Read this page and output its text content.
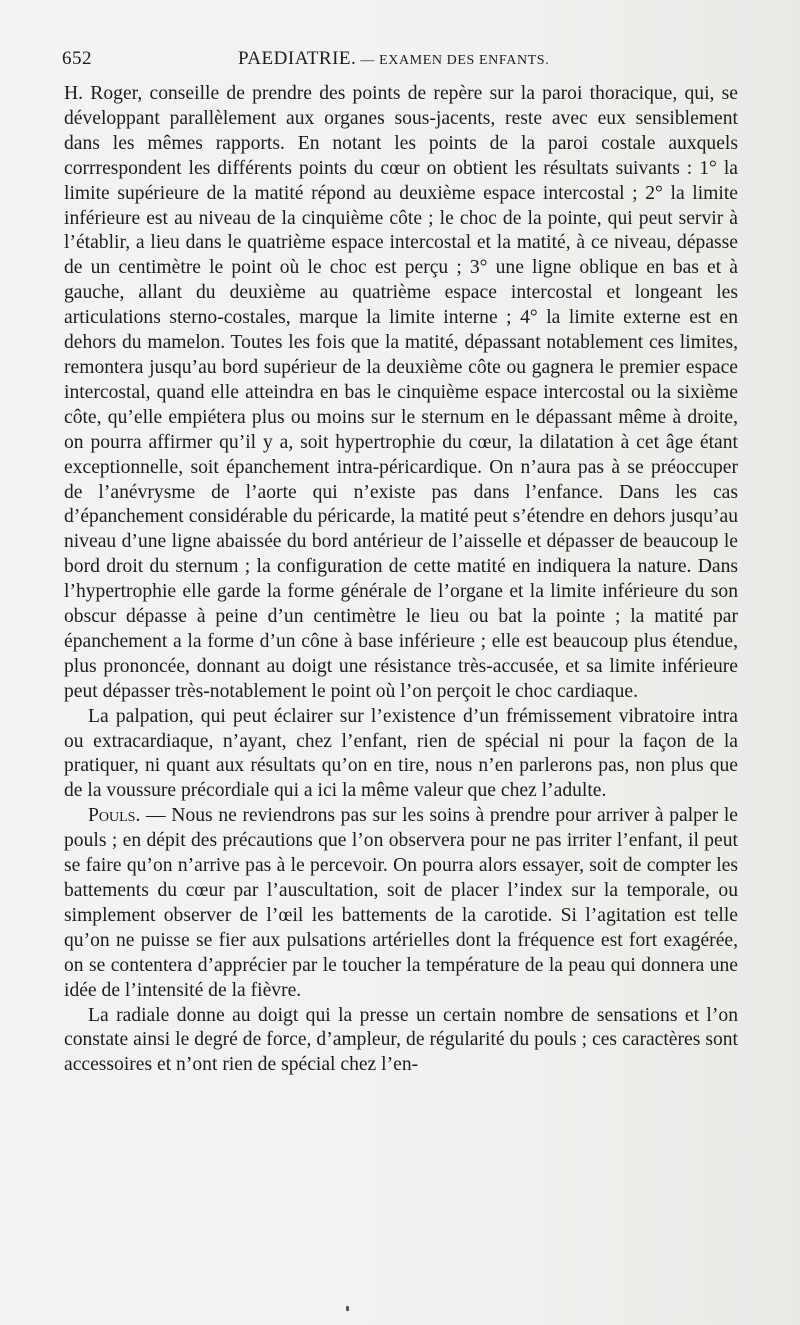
652	PAEDIATRIE. — EXAMEN DES ENFANTS.

H. Roger, conseille de prendre des points de repère sur la paroi thoracique, qui, se développant parallèlement aux organes sous-jacents, reste avec eux sensiblement dans les mêmes rapports. En notant les points de la paroi costale auxquels corrrespondent les différents points du cœur on obtient les résultats suivants : 1° la limite supérieure de la matité répond au deuxième espace intercostal ; 2° la limite inférieure est au niveau de la cinquième côte ; le choc de la pointe, qui peut servir à l’établir, a lieu dans le quatrième espace intercostal et la matité, à ce niveau, dépasse de un centimètre le point où le choc est perçu ; 3° une ligne oblique en bas et à gauche, allant du deuxième au quatrième espace intercostal et longeant les articulations sterno-costales, marque la limite interne ; 4° la limite externe est en dehors du mamelon. Toutes les fois que la matité, dépassant notablement ces limites, remontera jusqu’au bord supérieur de la deuxième côte ou gagnera le premier espace intercostal, quand elle atteindra en bas le cinquième espace intercostal ou la sixième côte, qu’elle empiétera plus ou moins sur le sternum en le dépassant même à droite, on pourra affirmer qu’il y a, soit hypertrophie du cœur, la dilatation à cet âge étant exceptionnelle, soit épanchement intra-péricardique. On n’aura pas à se préoccuper de l’anévrysme de l’aorte qui n’existe pas dans l’enfance. Dans les cas d’épanchement considérable du péricarde, la matité peut s’étendre en dehors jusqu’au niveau d’une ligne abaissée du bord antérieur de l’aisselle et dépasser de beaucoup le bord droit du sternum ; la configuration de cette matité en indiquera la nature. Dans l’hypertrophie elle garde la forme générale de l’organe et la limite inférieure du son obscur dépasse à peine d’un centimètre le lieu ou bat la pointe ; la matité par épanchement a la forme d’un cône à base inférieure ; elle est beaucoup plus étendue, plus prononcée, donnant au doigt une résistance très-accusée, et sa limite inférieure peut dépasser très-notablement le point où l’on perçoit le choc cardiaque.

La palpation, qui peut éclairer sur l’existence d’un frémissement vibratoire intra ou extracardiaque, n’ayant, chez l’enfant, rien de spécial ni pour la façon de la pratiquer, ni quant aux résultats qu’on en tire, nous n’en parlerons pas, non plus que de la voussure précordiale qui a ici la même valeur que chez l’adulte.

Pouls. — Nous ne reviendrons pas sur les soins à prendre pour arriver à palper le pouls ; en dépit des précautions que l’on observera pour ne pas irriter l’enfant, il peut se faire qu’on n’arrive pas à le percevoir. On pourra alors essayer, soit de compter les battements du cœur par l’auscultation, soit de placer l’index sur la temporale, ou simplement observer de l’œil les battements de la carotide. Si l’agitation est telle qu’on ne puisse se fier aux pulsations artérielles dont la fréquence est fort exagérée, on se contentera d’apprécier par le toucher la température de la peau qui donnera une idée de l’intensité de la fièvre.

La radiale donne au doigt qui la presse un certain nombre de sensations et l’on constate ainsi le degré de force, d’ampleur, de régularité du pouls ; ces caractères sont accessoires et n’ont rien de spécial chez l’en-
